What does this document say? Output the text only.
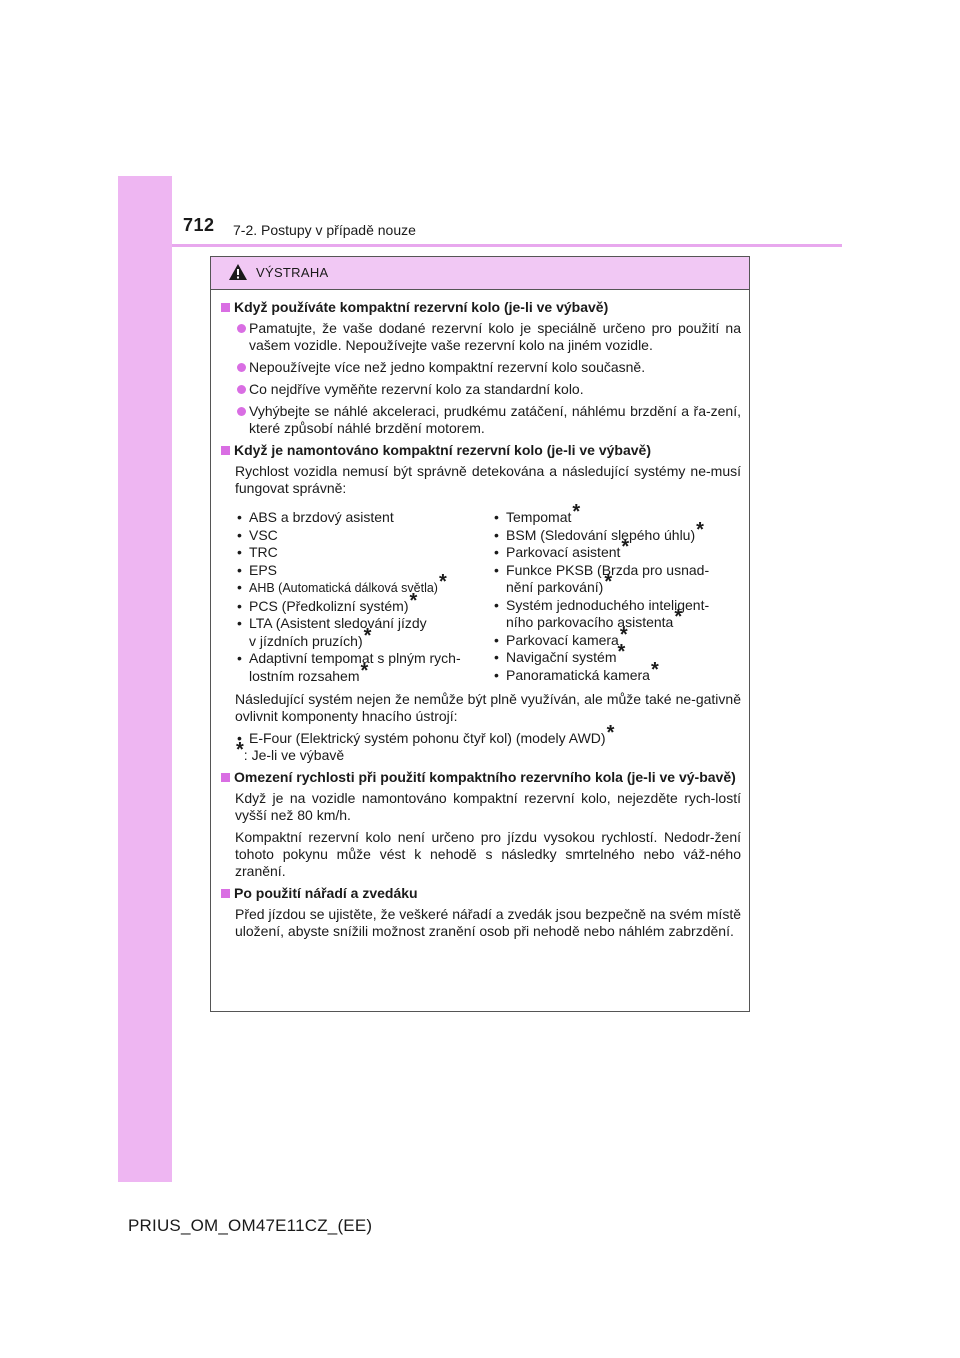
712 7-2. Postupy v případě nouze
VÝSTRAHA
Když používáte kompaktní rezervní kolo (je-li ve výbavě)
Pamatujte, že vaše dodané rezervní kolo je speciálně určeno pro použití na vašem vozidle. Nepoužívejte vaše rezervní kolo na jiném vozidle.
Nepoužívejte více než jedno kompaktní rezervní kolo současně.
Co nejdříve vyměňte rezervní kolo za standardní kolo.
Vyhýbejte se náhlé akceleraci, prudkému zatáčení, náhlému brzdění a řa-zení, které způsobí náhlé brzdění motorem.
Když je namontováno kompaktní rezervní kolo (je-li ve výbavě)
Rychlost vozidla nemusí být správně detekována a následující systémy ne-musí fungovat správně:
• ABS a brzdový asistent
• VSC
• TRC
• EPS
• AHB (Automatická dálková světla)*
• PCS (Předkolizní systém)*
• LTA (Asistent sledování jízdy
v jízdních pruzích)*
• Adaptivní tempomat s plným rych-
lostním rozsahem*
• Tempomat*
• BSM (Sledování slepého úhlu)*
• Parkovací asistent*
• Funkce PKSB (Brzda pro usnad-
nění parkování)*
• Systém jednoduchého inteligent-
ního parkovacího asistenta*
• Parkovací kamera*
• Navigační systém*
• Panoramatická kamera*
Následující systém nejen že nemůže být plně využíván, ale může také ne-gativně ovlivnit komponenty hnacího ústrojí:
• E-Four (Elektrický systém pohonu čtyř kol) (modely AWD)*
*: Je-li ve výbavě
Omezení rychlosti při použití kompaktního rezervního kola (je-li ve vý-bavě)
Když je na vozidle namontováno kompaktní rezervní kolo, nejezděte rych-lostí vyšší než 80 km/h.
Kompaktní rezervní kolo není určeno pro jízdu vysokou rychlostí. Nedodr-žení tohoto pokynu může vést k nehodě s následky smrtelného nebo váž-ného zranění.
Po použití nářadí a zvedáku
Před jízdou se ujistěte, že veškeré nářadí a zvedák jsou bezpečně na svém místě uložení, abyste snížili možnost zranění osob při nehodě nebo náhlém zabrzdění.
PRIUS_OM_OM47E11CZ_(EE)
